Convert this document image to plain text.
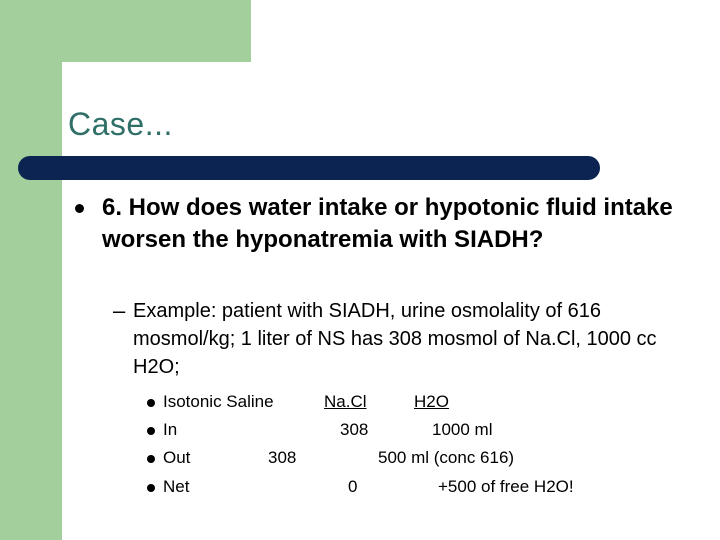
Case...
6. How does water intake or hypotonic fluid intake worsen the hyponatremia with SIADH?
– Example: patient with SIADH, urine osmolality of 616 mosmol/kg; 1 liter of NS has 308 mosmol of Na.Cl, 1000 cc H2O;
Isotonic Saline	Na.Cl	H2O
In	308	1000 ml
Out	308	500 ml (conc 616)
Net	0	+500 of free H2O!
